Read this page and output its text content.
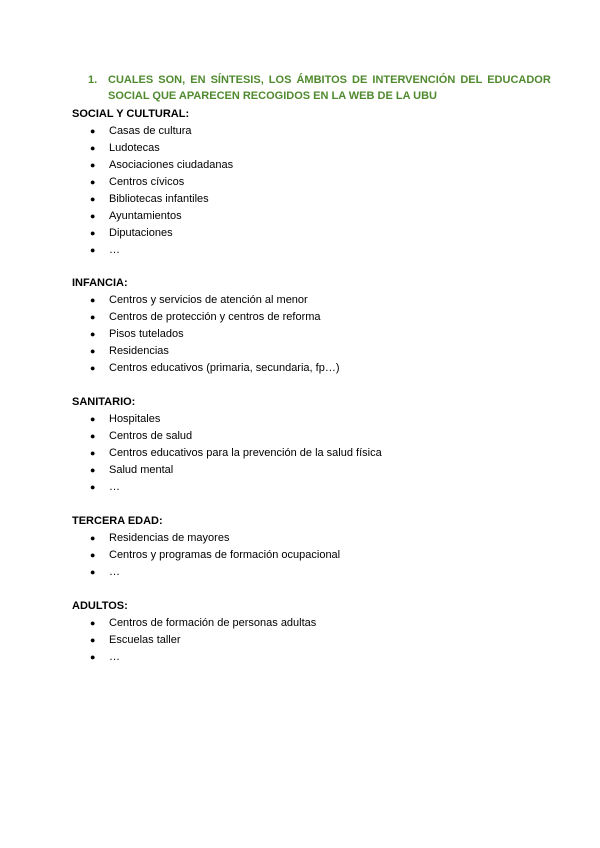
1. CUALES SON, EN SÍNTESIS, LOS ÁMBITOS DE INTERVENCIÓN DEL EDUCADOR
SOCIAL QUE APARECEN RECOGIDOS EN LA WEB DE LA UBU
SOCIAL Y CULTURAL:
● Casas de cultura
● Ludotecas
● Asociaciones ciudadanas
● Centros cívicos
● Bibliotecas infantiles
● Ayuntamientos
● Diputaciones
● …
INFANCIA:
● Centros y servicios de atención al menor
● Centros de protección y centros de reforma
● Pisos tutelados
● Residencias
● Centros educativos (primaria, secundaria, fp…)
SANITARIO:
● Hospitales
● Centros de salud
● Centros educativos para la prevención de la salud física
● Salud mental
● …
TERCERA EDAD:
● Residencias de mayores
● Centros y programas de formación ocupacional
● …
ADULTOS:
● Centros de formación de personas adultas
● Escuelas taller
● …
